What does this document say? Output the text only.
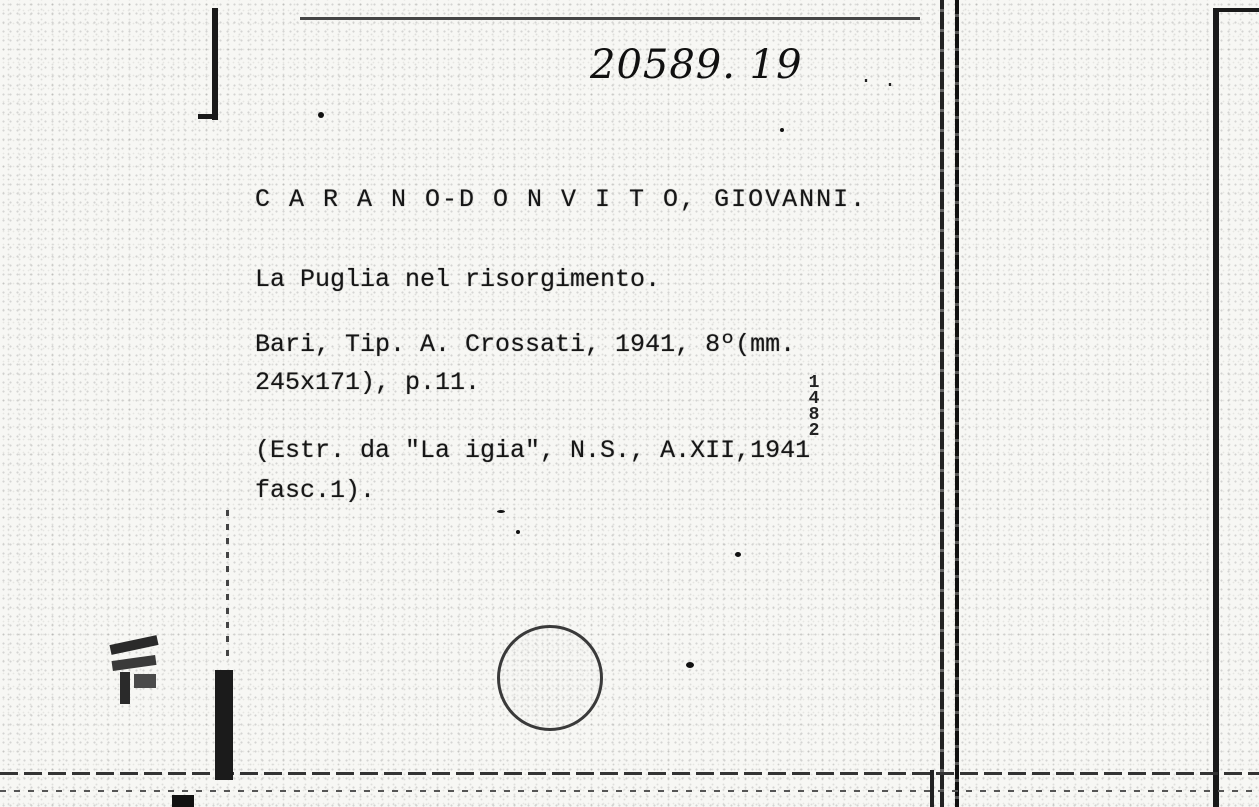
20589. 19	· .
C A R A N O-D O N V I T O, GIOVANNI.
La Puglia nel risorgimento.
Bari, Tip. A. Crossati, 1941, 8º(mm.
245x171), p.11.
(Estr. da "La igia", N.S., A.XII,1941
fasc.1).
1
4
8
2
